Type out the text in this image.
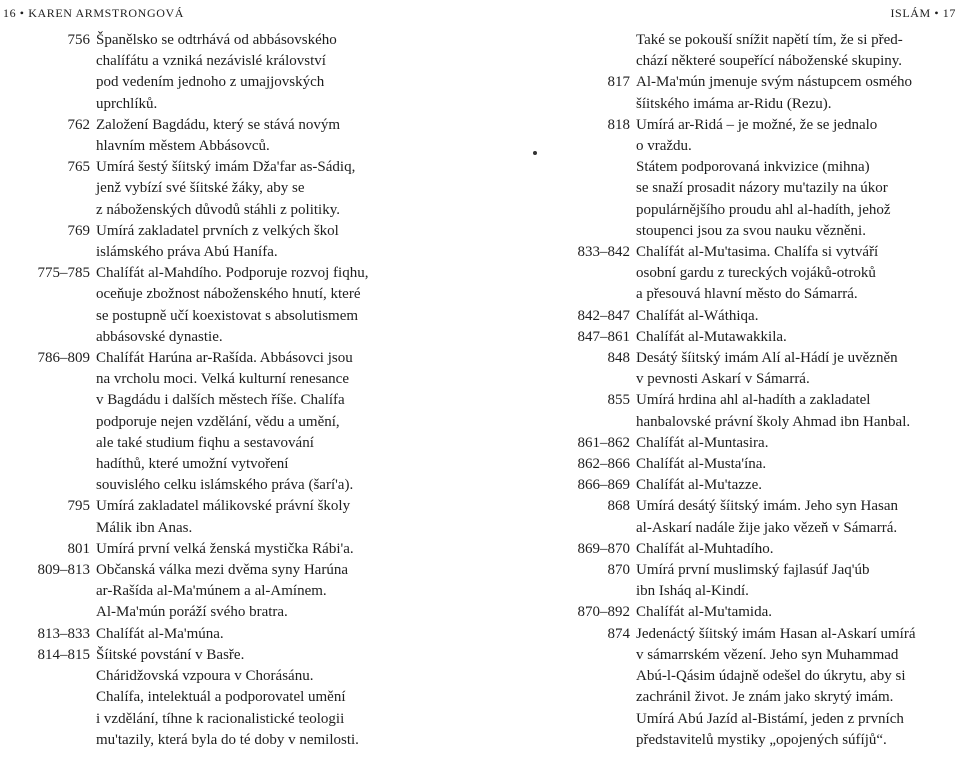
16 • KAREN ARMSTRONGOVÁ	ISLÁM • 17
756 Španělsko se odtrhává od abbásovského
chalífátu a vzniká nezávislé království
pod vedením jednoho z umajjovských
uprchlíků.
762 Založení Bagdádu, který se stává novým
hlavním městem Abbásovců.
765 Umírá šestý šíitský imám Dža'far as-Sádiq,
jenž vybízí své šíitské žáky, aby se
z náboženských důvodů stáhli z politiky.
769 Umírá zakladatel prvních z velkých škol
islámského práva Abú Hanífa.
775–785 Chalífát al-Mahdího. Podporuje rozvoj fiqhu,
oceňuje zbožnost náboženského hnutí, které
se postupně učí koexistovat s absolutismem
abbásovské dynastie.
786–809 Chalífát Harúna ar-Rašída. Abbásovci jsou
na vrcholu moci. Velká kulturní renesance
v Bagdádu i dalších městech říše. Chalífa
podporuje nejen vzdělání, vědu a umění,
ale také studium fiqhu a sestavování
hadíthů, které umožní vytvoření
souvislého celku islámského práva (šarí'a).
795 Umírá zakladatel málikovské právní školy
Málik ibn Anas.
801 Umírá první velká ženská mystička Rábi'a.
809–813 Občanská válka mezi dvěma syny Harúna
ar-Rašída al-Ma'múnem a al-Amínem.
Al-Ma'mún poráží svého bratra.
813–833 Chalífát al-Ma'múna.
814–815 Šíitské povstání v Basře.
Cháridžovská vzpoura v Chorásánu.
Chalífa, intelektuál a podporovatel umění
i vzdělání, tíhne k racionalistické teologii
mu'tazily, která byla do té doby v nemilosti.
Také se pokouší snížit napětí tím, že si před-
chází některé soupeřící náboženské skupiny.
817 Al-Ma'mún jmenuje svým nástupcem osmého
šíitského imáma ar-Ridu (Rezu).
818 Umírá ar-Ridá – je možné, že se jednalo
o vraždu.
Státem podporovaná inkvizice (mihna)
se snaží prosadit názory mu'tazily na úkor
populárnějšího proudu ahl al-hadíth, jehož
stoupenci jsou za svou nauku vězněni.
833–842 Chalífát al-Mu'tasima. Chalífa si vytváří
osobní gardu z tureckých vojáků-otroků
a přesouvá hlavní město do Sámarrá.
842–847 Chalífát al-Wáthiqa.
847–861 Chalífát al-Mutawakkila.
848 Desátý šíitský imám Alí al-Hádí je uvězněn
v pevnosti Askarí v Sámarrá.
855 Umírá hrdina ahl al-hadíth a zakladatel
hanbalovské právní školy Ahmad ibn Hanbal.
861–862 Chalífát al-Muntasira.
862–866 Chalífát al-Musta'ína.
866–869 Chalífát al-Mu'tazze.
868 Umírá desátý šíitský imám. Jeho syn Hasan
al-Askarí nadále žije jako vězeň v Sámarrá.
869–870 Chalífát al-Muhtadího.
870 Umírá první muslimský fajlasúf Jaq'úb
ibn Isháq al-Kindí.
870–892 Chalífát al-Mu'tamida.
874 Jedenáctý šíitský imám Hasan al-Askarí umírá
v sámarrském vězení. Jeho syn Muhammad
Abú-l-Qásim údajně odešel do úkrytu, aby si
zachránil život. Je znám jako skrytý imám.
Umírá Abú Jazíd al-Bistámí, jeden z prvních
představitelů mystiky „opojených súfíjů“.
